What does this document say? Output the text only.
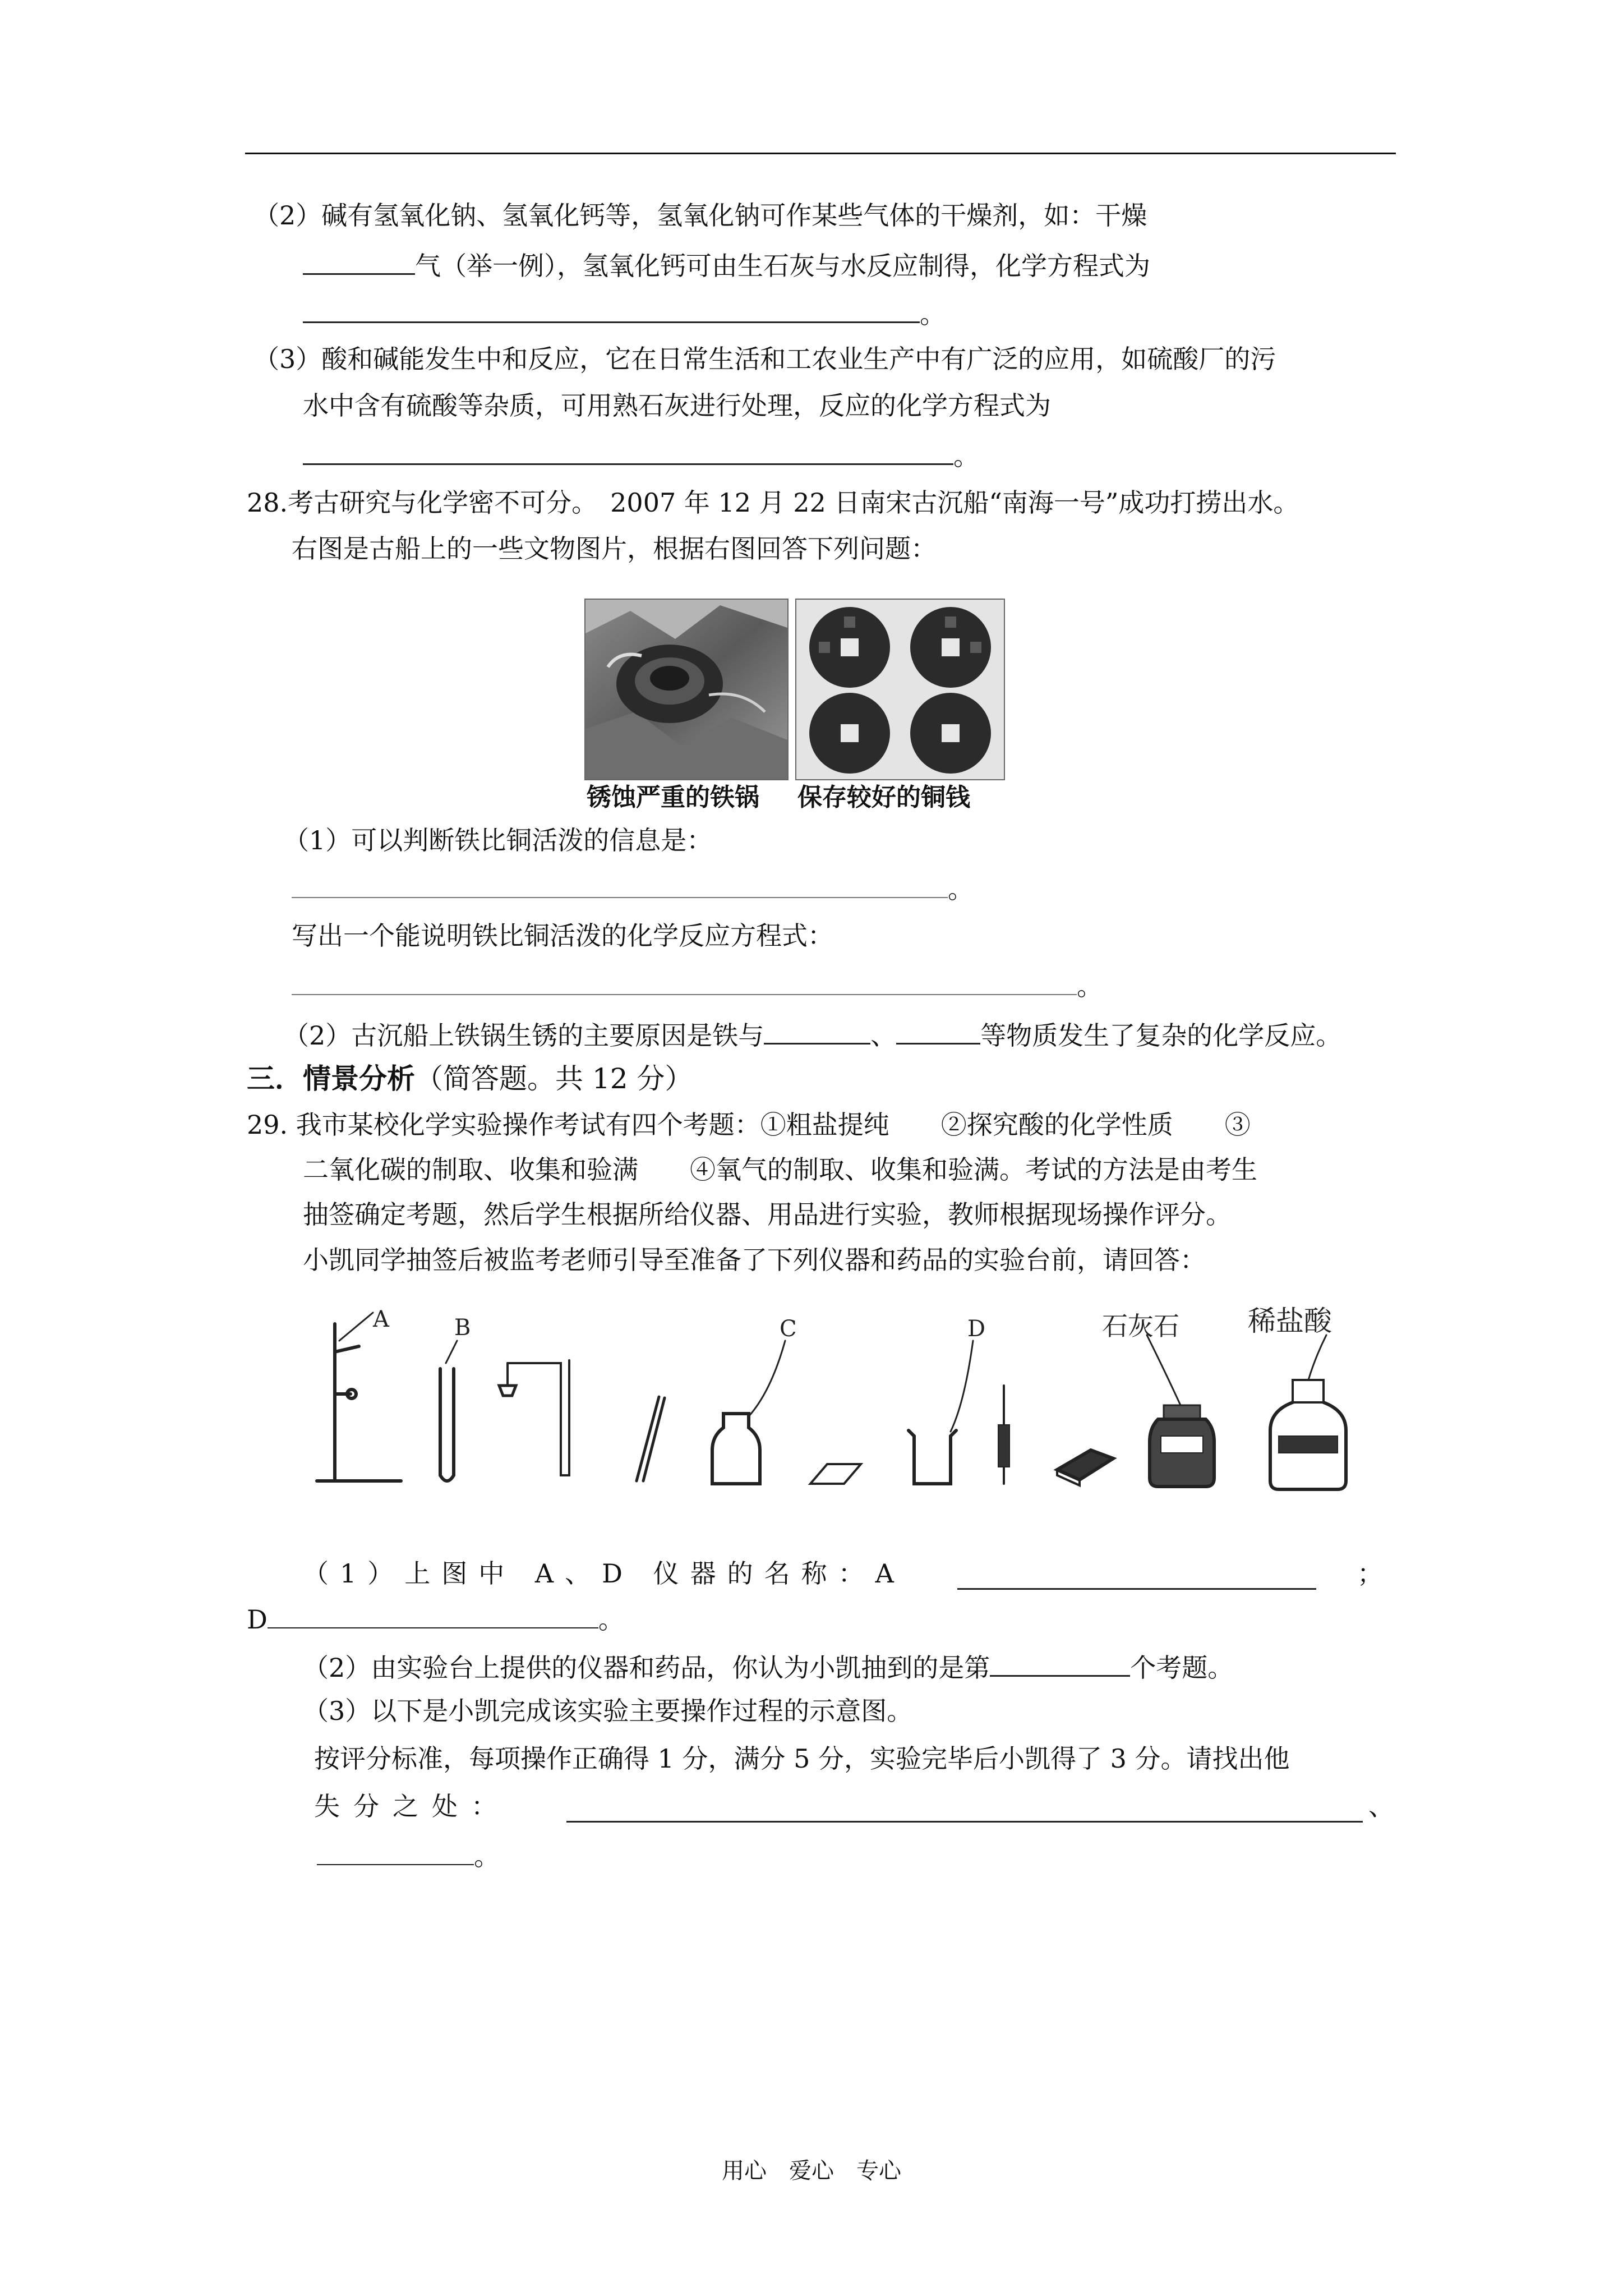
（2）碱有氢氧化钠、氢氧化钙等，氢氧化钠可作某些气体的干燥剂，如：干燥
气（举一例），氢氧化钙可由生石灰与水反应制得，化学方程式为
。
（3）酸和碱能发生中和反应，它在日常生活和工农业生产中有广泛的应用，如硫酸厂的污
水中含有硫酸等杂质，可用熟石灰进行处理，反应的化学方程式为
。
28.考古研究与化学密不可分。　2007 年 12 月 22 日南宋古沉船“南海一号”成功打捞出水。
右图是古船上的一些文物图片，根据右图回答下列问题：
锈蚀严重的铁锅 保存较好的铜钱
（1）可以判断铁比铜活泼的信息是：
。
写出一个能说明铁比铜活泼的化学反应方程式：
。
（2）古沉船上铁锅生锈的主要原因是铁与	、	等物质发生了复杂的化学反应。
三．情景分析（简答题。共 12 分）
29. 我市某校化学实验操作考试有四个考题：①粗盐提纯　　②探究酸的化学性质　　③
二氧化碳的制取、收集和验满　　④氧气的制取、收集和验满。考试的方法是由考生
抽签确定考题，然后学生根据所给仪器、用品进行实验，教师根据现场操作评分。
小凯同学抽签后被监考老师引导至准备了下列仪器和药品的实验台前，请回答：
A	B	C	D	石灰石 稀盐酸
（1）上图中 A、D 仪器的名称：A	；
D	。
（2）由实验台上提供的仪器和药品，你认为小凯抽到的是第	个考题。
（3）以下是小凯完成该实验主要操作过程的示意图。
按评分标准，每项操作正确得 1 分，满分 5 分，实验完毕后小凯得了 3 分。请找出他
失分之处：	、
。
用心　爱心　专心
